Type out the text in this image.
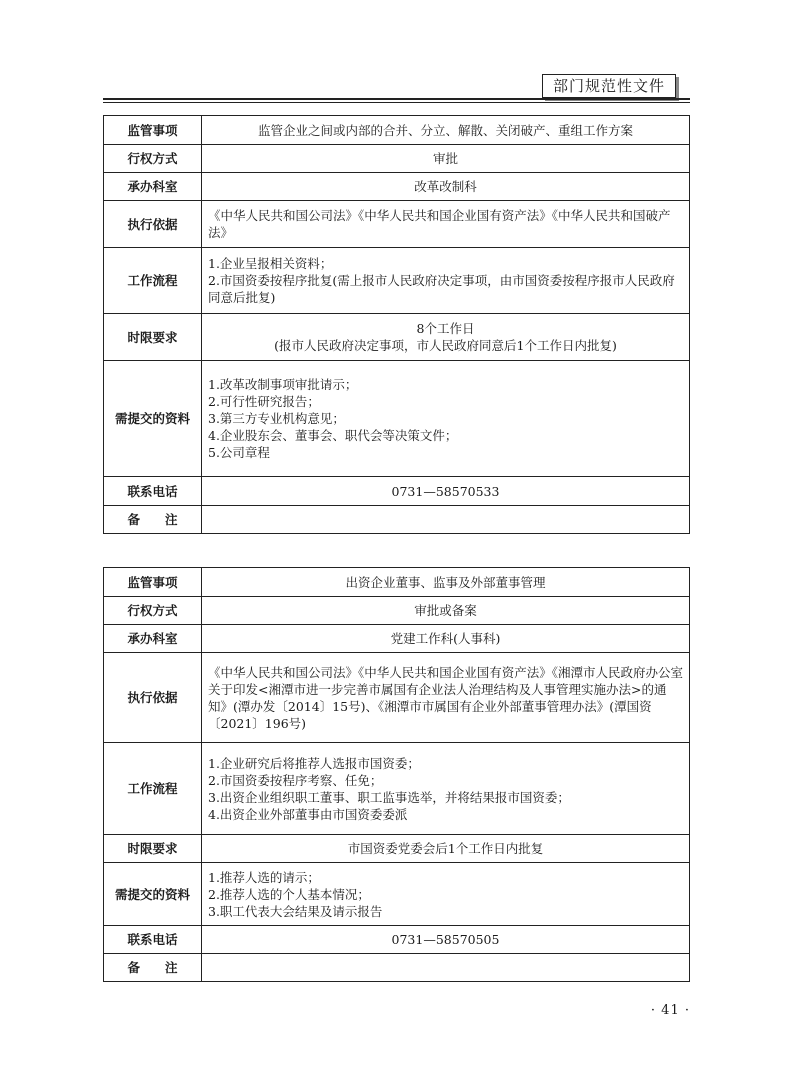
部门规范性文件
监管事项	监管企业之间或内部的合并、分立、解散、关闭破产、重组工作方案
行权方式	审批
承办科室	改革改制科
执行依据	《中华人民共和国公司法》《中华人民共和国企业国有资产法》《中华人民共和国破产法》
工作流程	1.企业呈报相关资料；
2.市国资委按程序批复(需上报市人民政府决定事项，由市国资委按程序报市人民政府同意后批复)

时限要求	8个工作日
(报市人民政府决定事项，市人民政府同意后1个工作日内批复)

需提交的资料	1.改革改制事项审批请示；
2.可行性研究报告；
3.第三方专业机构意见；
4.企业股东会、董事会、职代会等决策文件；
5.公司章程

联系电话	0731—58570533
备　　注	
监管事项	出资企业董事、监事及外部董事管理
行权方式	审批或备案
承办科室	党建工作科(人事科)
执行依据	《中华人民共和国公司法》《中华人民共和国企业国有资产法》《湘潭市人民政府办公室关于印发<湘潭市进一步完善市属国有企业法人治理结构及人事管理实施办法>的通知》(潭办发〔2014〕15号)、《湘潭市市属国有企业外部董事管理办法》(潭国资〔2021〕196号)
工作流程	1.企业研究后将推荐人选报市国资委；
2.市国资委按程序考察、任免；
3.出资企业组织职工董事、职工监事选举，并将结果报市国资委；
4.出资企业外部董事由市国资委委派

时限要求	市国资委党委会后1个工作日内批复
需提交的资料	1.推荐人选的请示；
2.推荐人选的个人基本情况；
3.职工代表大会结果及请示报告

联系电话	0731—58570505
备　　注	
· 41 ·
